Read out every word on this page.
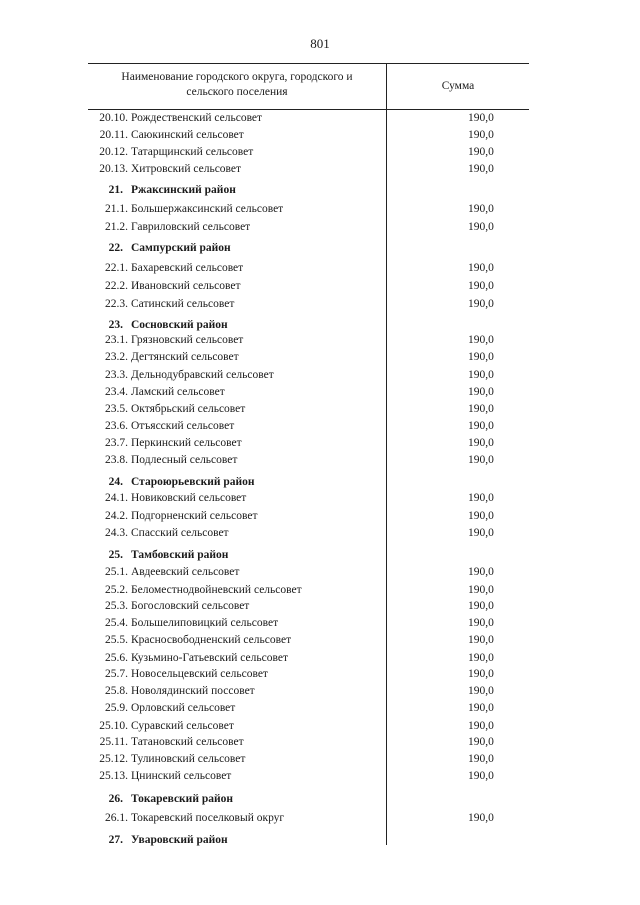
801
Наименование городского округа, городского и
сельского поселения	Сумма
20.10. Рождественский сельсовет	190,0
20.11. Саюкинский сельсовет	190,0
20.12. Татарщинский сельсовет	190,0
20.13. Хитровский сельсовет	190,0
21. Ржаксинский район
21.1. Большержаксинский сельсовет	190,0
21.2. Гавриловский сельсовет	190,0
22. Сампурский район
22.1. Бахаревский сельсовет	190,0
22.2. Ивановский сельсовет	190,0
22.3. Сатинский сельсовет	190,0
23. Сосновский район
23.1. Грязновский сельсовет	190,0
23.2. Дегтянский сельсовет	190,0
23.3. Дельнодубравский сельсовет	190,0
23.4. Ламский сельсовет	190,0
23.5. Октябрьский сельсовет	190,0
23.6. Отъясский сельсовет	190,0
23.7. Перкинский сельсовет	190,0
23.8. Подлесный сельсовет	190,0
24. Староюрьевский район
24.1. Новиковский сельсовет	190,0
24.2. Подгорненский сельсовет	190,0
24.3. Спасский сельсовет	190,0
25. Тамбовский район
25.1. Авдеевский сельсовет	190,0
25.2. Беломестнодвойневский сельсовет	190,0
25.3. Богословский сельсовет	190,0
25.4. Большелиповицкий сельсовет	190,0
25.5. Красносвободненский сельсовет	190,0
25.6. Кузьмино-Гатьевский сельсовет	190,0
25.7. Новосельцевский сельсовет	190,0
25.8. Новолядинский поссовет	190,0
25.9. Орловский сельсовет	190,0
25.10. Суравский сельсовет	190,0
25.11. Татановский сельсовет	190,0
25.12. Тулиновский сельсовет	190,0
25.13. Цнинский сельсовет	190,0
26. Токаревский район
26.1. Токаревский поселковый округ	190,0
27. Уваровский район
